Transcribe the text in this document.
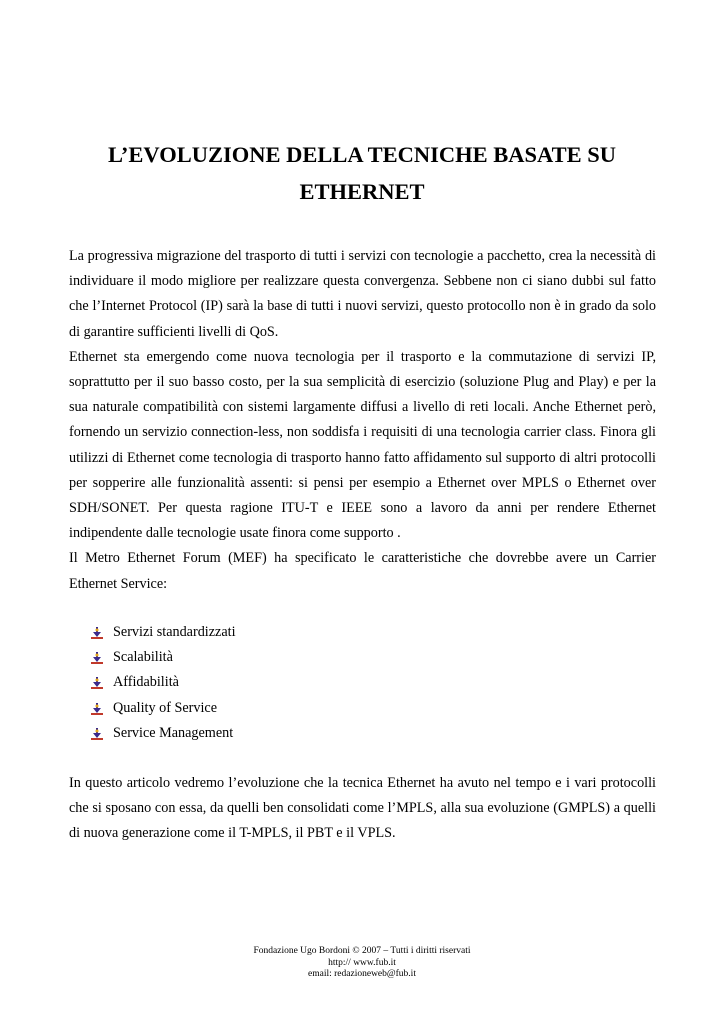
L’EVOLUZIONE DELLA TECNICHE BASATE SU
ETHERNET

La progressiva migrazione del trasporto di tutti i servizi con tecnologie a pacchetto, crea la necessità di individuare il modo migliore per realizzare questa convergenza. Sebbene non ci siano dubbi sul fatto che l’Internet Protocol (IP) sarà la base di tutti i nuovi servizi, questo protocollo non è in grado da solo di garantire sufficienti livelli di QoS.

Ethernet sta emergendo come nuova tecnologia per il trasporto e la commutazione di servizi IP, soprattutto per il suo basso costo, per la sua semplicità di esercizio (soluzione Plug and Play) e per la sua naturale compatibilità con sistemi largamente diffusi a livello di reti locali. Anche Ethernet però, fornendo un servizio connection-less, non soddisfa i requisiti di una tecnologia carrier class. Finora gli utilizzi di Ethernet come tecnologia di trasporto hanno fatto affidamento sul supporto di altri protocolli per sopperire alle funzionalità assenti: si pensi per esempio a Ethernet over MPLS o Ethernet over SDH/SONET. Per questa ragione ITU-T e IEEE sono a lavoro da anni per rendere Ethernet indipendente dalle tecnologie usate finora come supporto .

Il Metro Ethernet Forum (MEF) ha specificato le caratteristiche che dovrebbe avere un Carrier Ethernet Service:

Servizi standardizzati
Scalabilità
Affidabilità
Quality of Service
Service Management

In questo articolo vedremo l’evoluzione che la tecnica Ethernet ha avuto nel tempo e i vari protocolli che si sposano con essa, da quelli ben consolidati come l’MPLS, alla sua evoluzione (GMPLS) a quelli di nuova generazione come il T-MPLS, il PBT e il VPLS.

Fondazione Ugo Bordoni © 2007 – Tutti i diritti riservati
http:// www.fub.it
email: redazioneweb@fub.it
